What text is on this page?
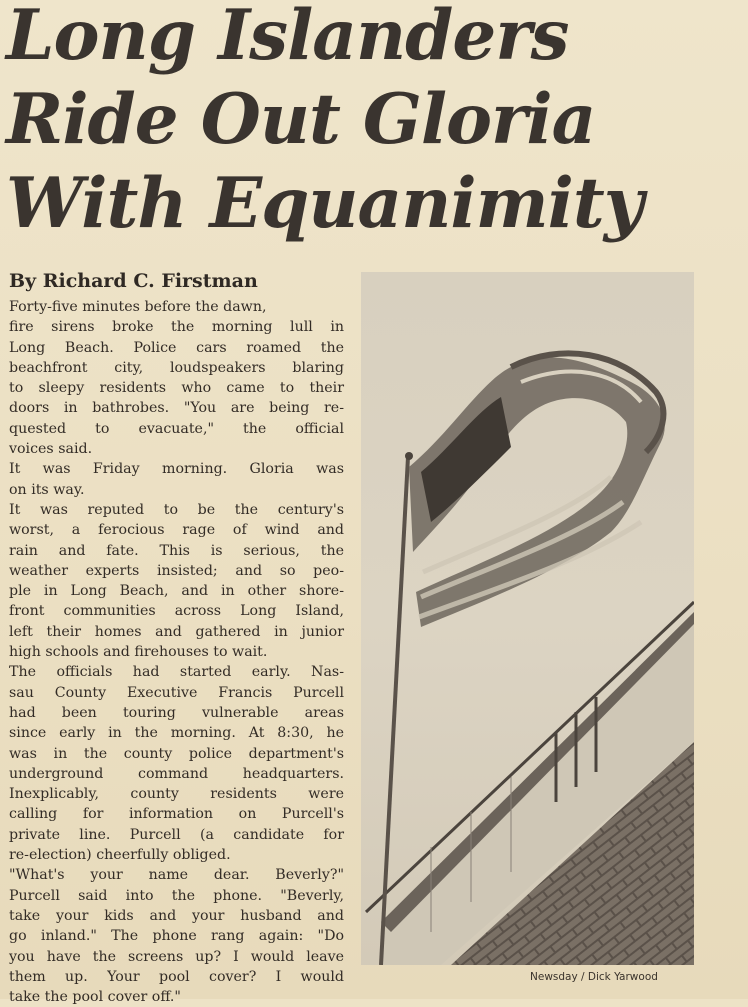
Long Islanders
Ride Out Gloria
With Equanimity
By Richard C. Firstman
Forty-five minutes before the dawn,
fire sirens broke the morning lull in
Long Beach. Police cars roamed the
beachfront city, loudspeakers blaring
to sleepy residents who came to their
doors in bathrobes. "You are being re-
quested to evacuate," the official
voices said.
It was Friday morning. Gloria was
on its way.
It was reputed to be the century's
worst, a ferocious rage of wind and
rain and fate. This is serious, the
weather experts insisted; and so peo-
ple in Long Beach, and in other shore-
front communities across Long Island,
left their homes and gathered in junior
high schools and firehouses to wait.
The officials had started early. Nas-
sau County Executive Francis Purcell
had been touring vulnerable areas
since early in the morning. At 8:30, he
was in the county police department's
underground command headquarters.
Inexplicably, county residents were
calling for information on Purcell's
private line. Purcell (a candidate for
re-election) cheerfully obliged.
"What's your name dear. Beverly?"
Purcell said into the phone. "Beverly,
take your kids and your husband and
go inland." The phone rang again: "Do
you have the screens up? I would leave
them up. Your pool cover? I would
take the pool cover off."
Newsday / Dick Yarwood
